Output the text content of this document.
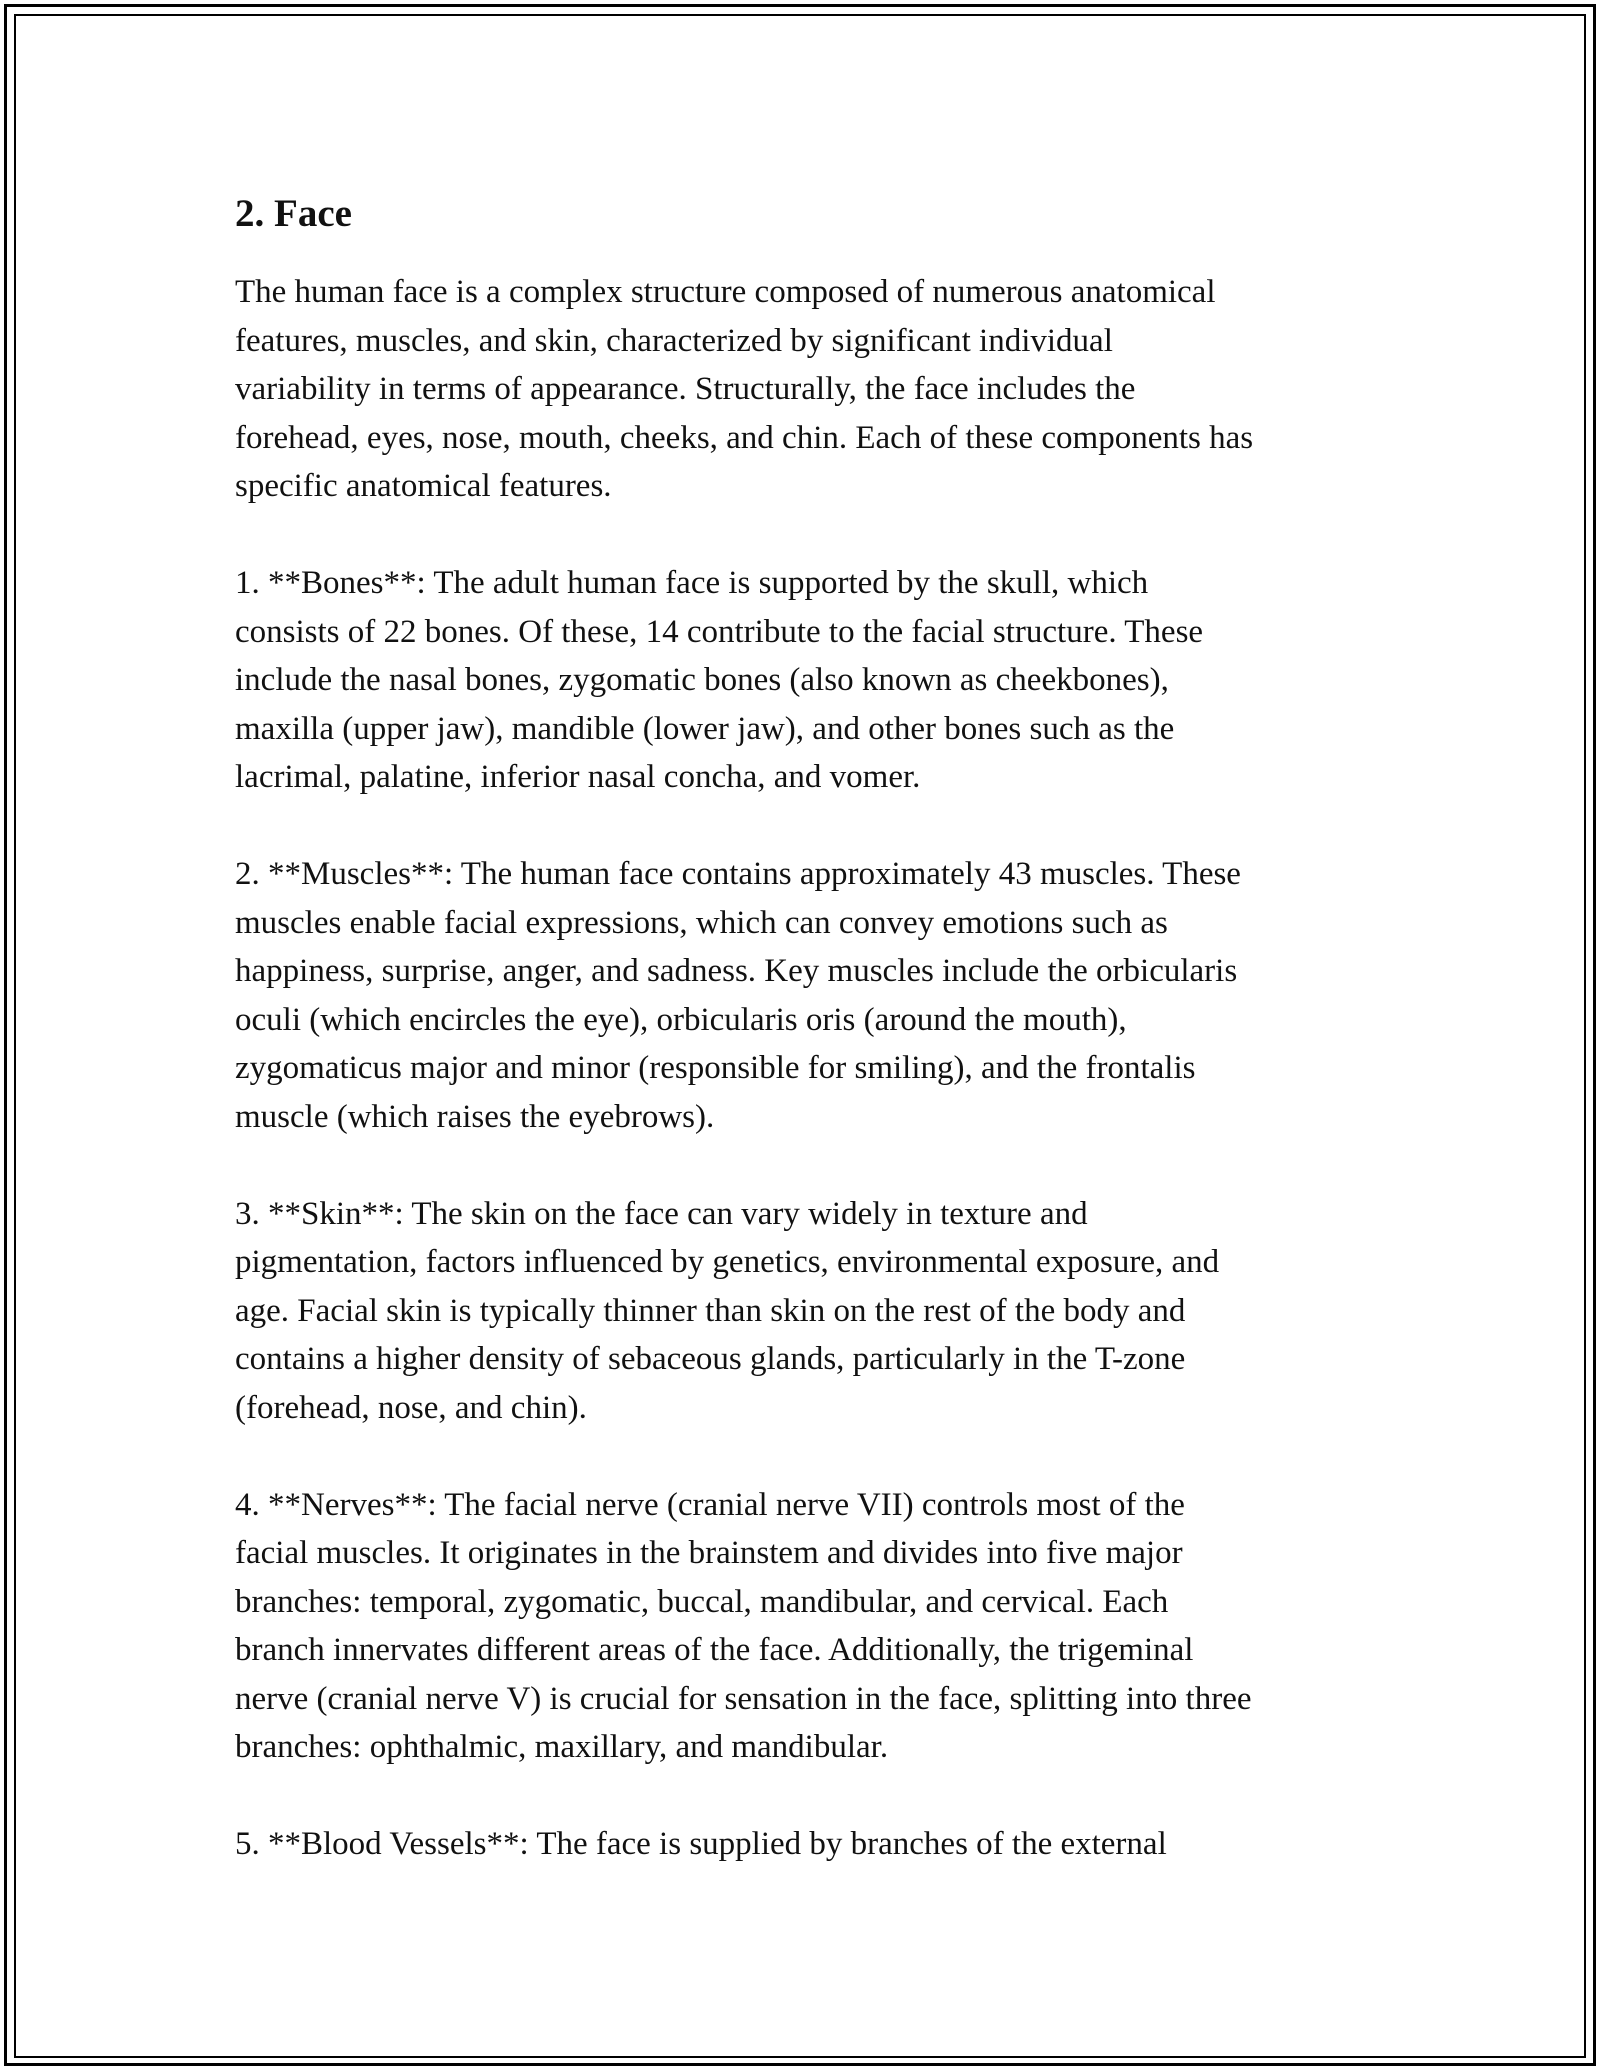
2. Face

The human face is a complex structure composed of numerous anatomical
features, muscles, and skin, characterized by significant individual
variability in terms of appearance. Structurally, the face includes the
forehead, eyes, nose, mouth, cheeks, and chin. Each of these components has
specific anatomical features.

1. **Bones**: The adult human face is supported by the skull, which
consists of 22 bones. Of these, 14 contribute to the facial structure. These
include the nasal bones, zygomatic bones (also known as cheekbones),
maxilla (upper jaw), mandible (lower jaw), and other bones such as the
lacrimal, palatine, inferior nasal concha, and vomer.

2. **Muscles**: The human face contains approximately 43 muscles. These
muscles enable facial expressions, which can convey emotions such as
happiness, surprise, anger, and sadness. Key muscles include the orbicularis
oculi (which encircles the eye), orbicularis oris (around the mouth),
zygomaticus major and minor (responsible for smiling), and the frontalis
muscle (which raises the eyebrows).

3. **Skin**: The skin on the face can vary widely in texture and
pigmentation, factors influenced by genetics, environmental exposure, and
age. Facial skin is typically thinner than skin on the rest of the body and
contains a higher density of sebaceous glands, particularly in the T-zone
(forehead, nose, and chin).

4. **Nerves**: The facial nerve (cranial nerve VII) controls most of the
facial muscles. It originates in the brainstem and divides into five major
branches: temporal, zygomatic, buccal, mandibular, and cervical. Each
branch innervates different areas of the face. Additionally, the trigeminal
nerve (cranial nerve V) is crucial for sensation in the face, splitting into three
branches: ophthalmic, maxillary, and mandibular.

5. **Blood Vessels**: The face is supplied by branches of the external
